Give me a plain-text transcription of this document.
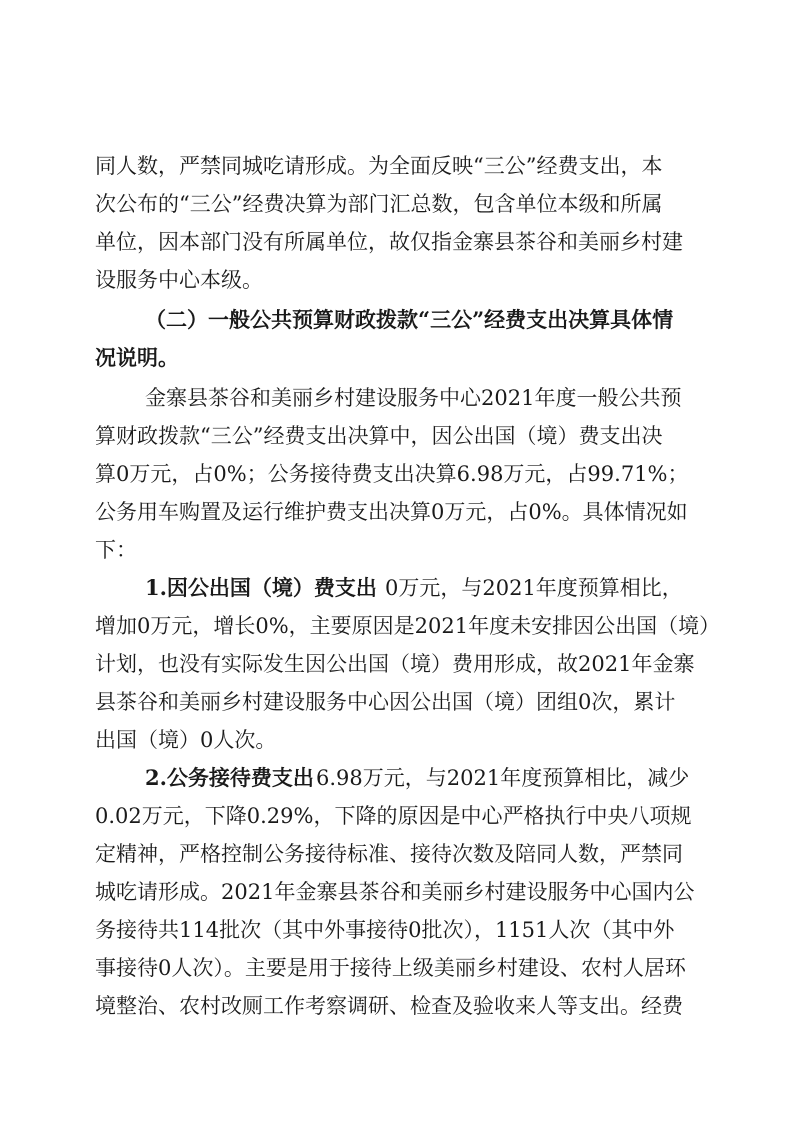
同人数，严禁同城吃请形成。为全面反映“三公”经费支出，本
次公布的“三公”经费决算为部门汇总数，包含单位本级和所属
单位，因本部门没有所属单位，故仅指金寨县茶谷和美丽乡村建
设服务中心本级。
（二）一般公共预算财政拨款“三公”经费支出决算具体情
况说明。
金寨县茶谷和美丽乡村建设服务中心2021年度一般公共预
算财政拨款“三公”经费支出决算中，因公出国（境）费支出决
算0万元，占0%；公务接待费支出决算6.98万元，占99.71%；
公务用车购置及运行维护费支出决算0万元，占0%。具体情况如
下：
1.因公出国（境）费支出 0万元，与2021年度预算相比，
增加0万元，增长0%，主要原因是2021年度未安排因公出国（境）
计划，也没有实际发生因公出国（境）费用形成，故2021年金寨
县茶谷和美丽乡村建设服务中心因公出国（境）团组0次，累计
出国（境）0人次。
2.公务接待费支出 6.98万元，与2021年度预算相比，减少
0.02万元，下降0.29%，下降的原因是中心严格执行中央八项规
定精神，严格控制公务接待标准、接待次数及陪同人数，严禁同
城吃请形成。2021年金寨县茶谷和美丽乡村建设服务中心国内公
务接待共114批次（其中外事接待0批次），1151人次（其中外
事接待0人次）。主要是用于接待上级美丽乡村建设、农村人居环
境整治、农村改厕工作考察调研、检查及验收来人等支出。经费
